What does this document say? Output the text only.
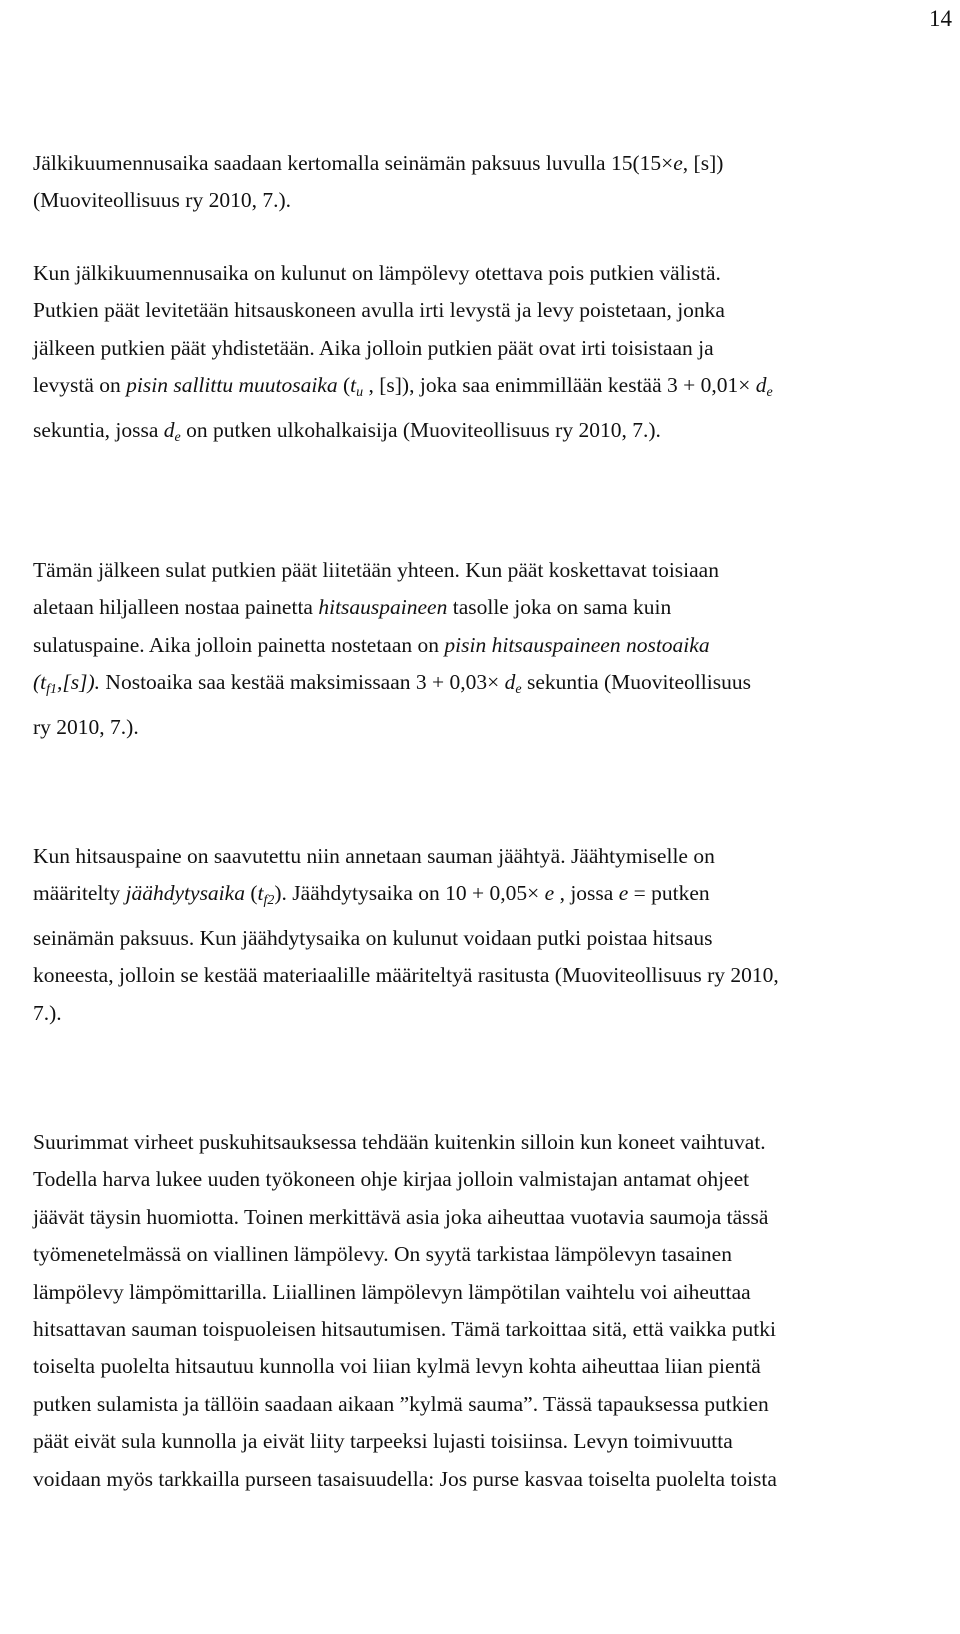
14

Jälkikuumennusaika saadaan kertomalla seinämän paksuus luvulla 15(15×e, [s])
(Muoviteollisuus ry 2010, 7.).

Kun jälkikuumennusaika on kulunut on lämpölevy otettava pois putkien välistä.
Putkien päät levitetään hitsauskoneen avulla irti levystä ja levy poistetaan, jonka
jälkeen putkien päät yhdistetään. Aika jolloin putkien päät ovat irti toisistaan ja
levystä on pisin sallittu muutosaika ($t_u$ , [s]), joka saa enimmillään kestää $3 + 0,01\times d_e$
sekuntia, jossa $d_e$ on putken ulkohalkaisija (Muoviteollisuus ry 2010, 7.).

Tämän jälkeen sulat putkien päät liitetään yhteen. Kun päät koskettavat toisiaan
aletaan hiljalleen nostaa painetta hitsauspaineen tasolle joka on sama kuin
sulatuspaine. Aika jolloin painetta nostetaan on pisin hitsauspaineen nostoaika
$(t_{f1},[s])$. Nostoaika saa kestää maksimissaan $3 + 0,03\times d_e$ sekuntia (Muoviteollisuus
ry 2010, 7.).

Kun hitsauspaine on saavutettu niin annetaan sauman jäähtyä. Jäähtymiselle on
määritelty jäähdytysaika $(t_{f2})$. Jäähdytysaika on 10 + 0,05× e , jossa e = putken
seinämän paksuus. Kun jäähdytysaika on kulunut voidaan putki poistaa hitsaus
koneesta, jolloin se kestää materiaalille määriteltyä rasitusta (Muoviteollisuus ry 2010,
7.).

Suurimmat virheet puskuhitsauksessa tehdään kuitenkin silloin kun koneet vaihtuvat.
Todella harva lukee uuden työkoneen ohje kirjaa jolloin valmistajan antamat ohjeet
jäävät täysin huomiotta. Toinen merkittävä asia joka aiheuttaa vuotavia saumoja tässä
työmenetelmässä on viallinen lämpölevy. On syytä tarkistaa lämpölevyn tasainen
lämpölevy lämpömittarilla. Liiallinen lämpölevyn lämpötilan vaihtelu voi aiheuttaa
hitsattavan sauman toispuoleisen hitsautumisen. Tämä tarkoittaa sitä, että vaikka putki
toiselta puolelta hitsautuu kunnolla voi liian kylmä levyn kohta aiheuttaa liian pientä
putken sulamista ja tällöin saadaan aikaan ”kylmä sauma”. Tässä tapauksessa putkien
päät eivät sula kunnolla ja eivät liity tarpeeksi lujasti toisiinsa. Levyn toimivuutta
voidaan myös tarkkailla purseen tasaisuudella: Jos purse kasvaa toiselta puolelta toista
